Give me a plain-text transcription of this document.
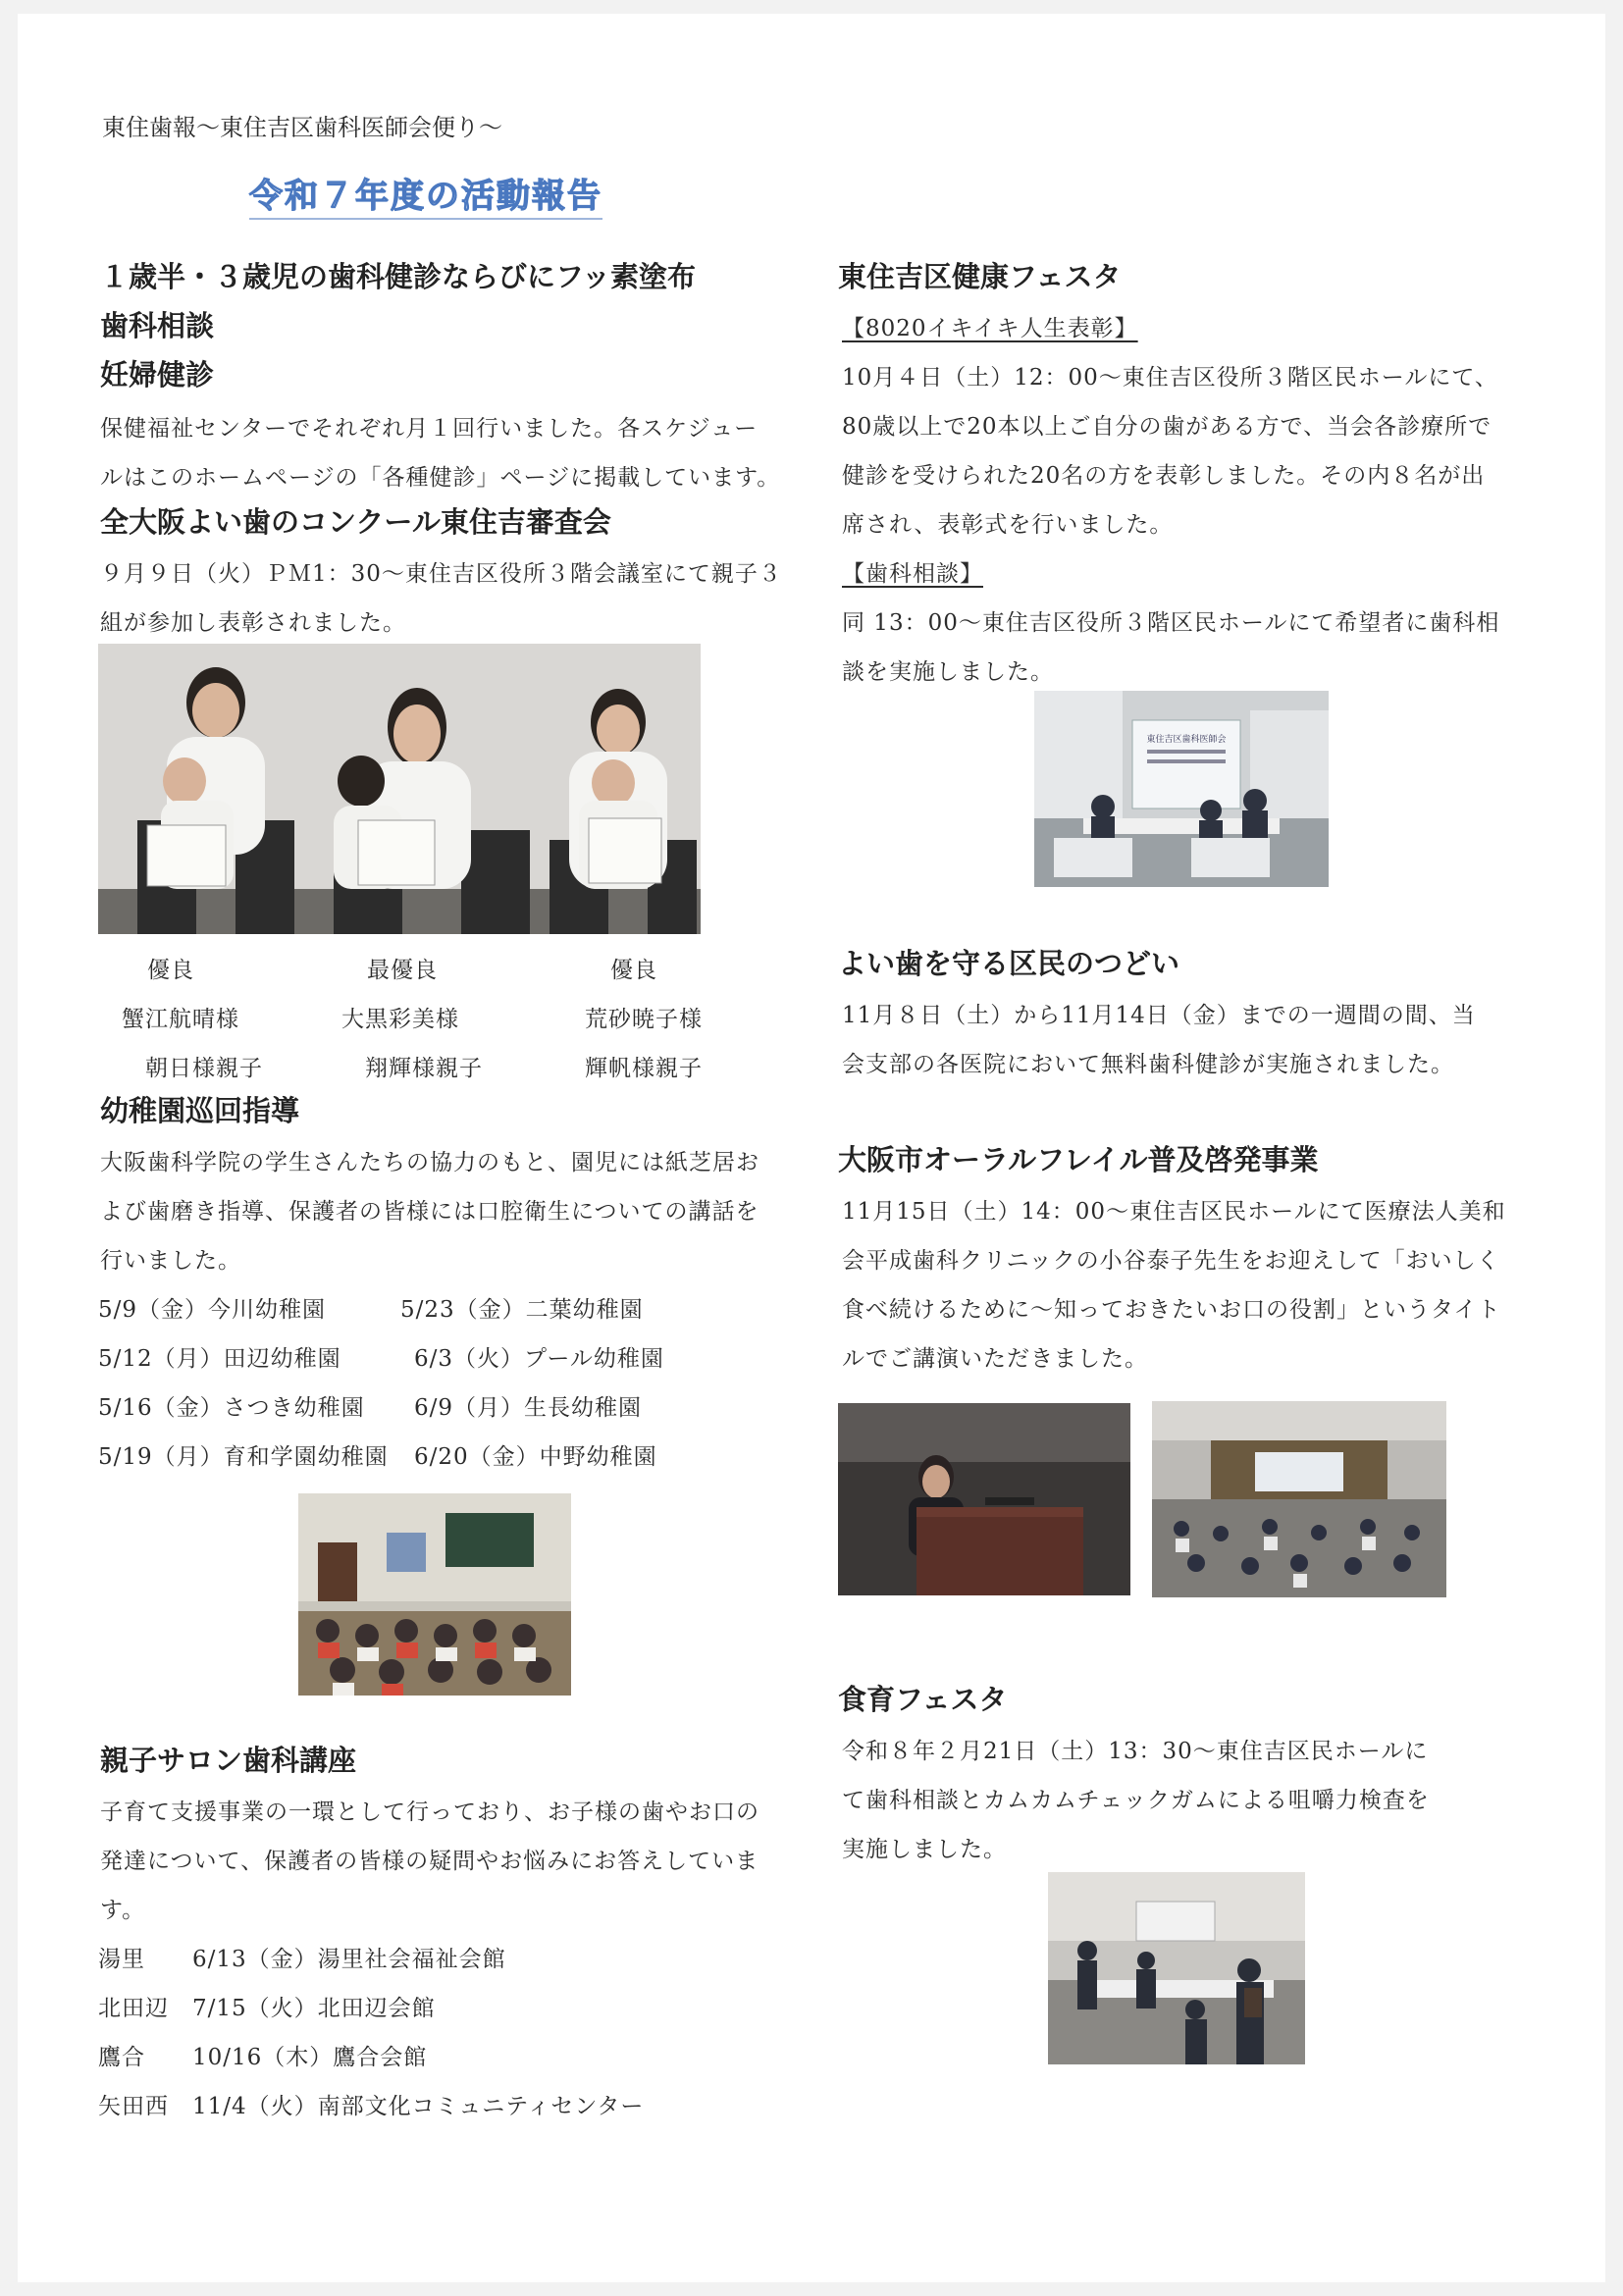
東住歯報～東住吉区歯科医師会便り～
令和７年度の活動報告
１歳半・３歳児の歯科健診ならびにフッ素塗布
歯科相談
妊婦健診
保健福祉センターでそれぞれ月１回行いました。各スケジュー
ルはこのホームページの「各種健診」ページに掲載しています。
全大阪よい歯のコンクール東住吉審査会
９月９日（火）ＰＭ1：30～東住吉区役所３階会議室にて親子３
組が参加し表彰されました。
優良	最優良	優良
蟹江航晴様	大黒彩美様	荒砂暁子様
朝日様親子	翔輝様親子	輝帆様親子
幼稚園巡回指導
大阪歯科学院の学生さんたちの協力のもと、園児には紙芝居お
よび歯磨き指導、保護者の皆様には口腔衛生についての講話を
行いました。
5/9（金）今川幼稚園	5/23（金）二葉幼稚園
5/12（月）田辺幼稚園	6/3（火）プール幼稚園
5/16（金）さつき幼稚園 6/9（月）生長幼稚園
5/19（月）育和学園幼稚園 6/20（金）中野幼稚園
親子サロン歯科講座
子育て支援事業の一環として行っており、お子様の歯やお口の
発達について、保護者の皆様の疑問やお悩みにお答えしていま
す。
湯里 6/13（金）湯里社会福祉会館
北田辺 7/15（火）北田辺会館
鷹合 10/16（木）鷹合会館
矢田西 11/4（火）南部文化コミュニティセンター
東住吉区健康フェスタ
【8020イキイキ人生表彰】
10月４日（土）12：00～東住吉区役所３階区民ホールにて、
80歳以上で20本以上ご自分の歯がある方で、当会各診療所で
健診を受けられた20名の方を表彰しました。その内８名が出
席され、表彰式を行いました。
【歯科相談】
同 13：00～東住吉区役所３階区民ホールにて希望者に歯科相
談を実施しました。
東住吉区歯科医師会
よい歯を守る区民のつどい
11月８日（土）から11月14日（金）までの一週間の間、当
会支部の各医院において無料歯科健診が実施されました。
大阪市オーラルフレイル普及啓発事業
11月15日（土）14：00～東住吉区民ホールにて医療法人美和
会平成歯科クリニックの小谷泰子先生をお迎えして「おいしく
食べ続けるために～知っておきたいお口の役割」というタイト
ルでご講演いただきました。
食育フェスタ
令和８年２月21日（土）13：30～東住吉区民ホールに
て歯科相談とカムカムチェックガムによる咀嚼力検査を
実施しました。
